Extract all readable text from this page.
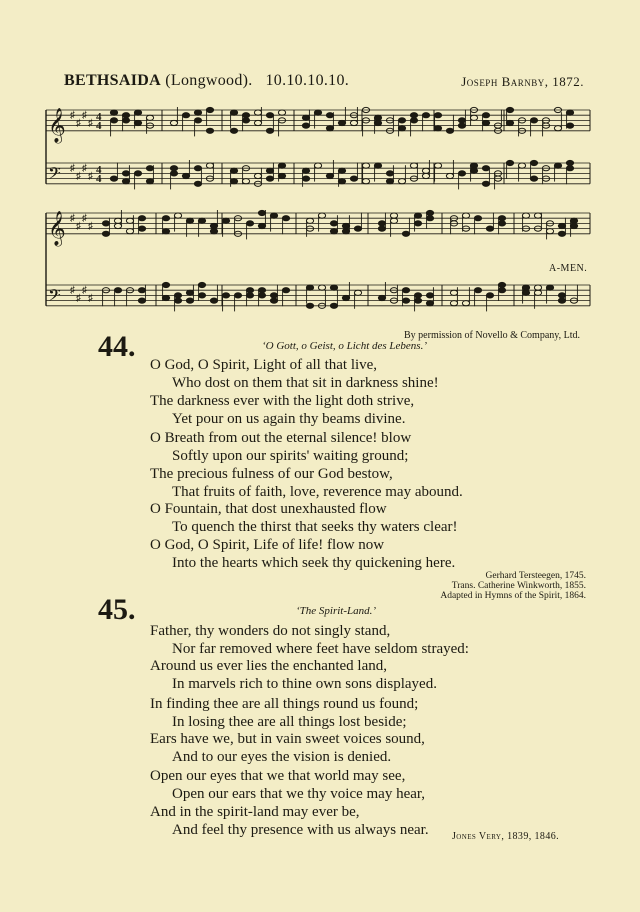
BETHSAIDA (Longwood). 10.10.10.10.	Joseph Barnby, 1872.
𝄞 ♯
♯
♯
♯
𝄢 ♯
♯
♯
♯
𝄞 ♯
♯
♯
♯
𝄢 ♯
♯
♯
♯
4
4
4
4
A-MEN.
By permission of Novello & Company, Ltd.
44.	‘O Gott, o Geist, o Licht des Lebens.’
O God, O Spirit, Light of all that live,
Who dost on them that sit in darkness shine!
The darkness ever with the light doth strive,
Yet pour on us again thy beams divine.
O Breath from out the eternal silence! blow
Softly upon our spirits' waiting ground;
The precious fulness of our God bestow,
That fruits of faith, love, reverence may abound.
O Fountain, that dost unexhausted flow
To quench the thirst that seeks thy waters clear!
O God, O Spirit, Life of life! flow now
Into the hearts which seek thy quickening here.
Gerhard Tersteegen, 1745.
Trans. Catherine Winkworth, 1855.
Adapted in Hymns of the Spirit, 1864.
45.	‘The Spirit-Land.’
Father, thy wonders do not singly stand,
Nor far removed where feet have seldom strayed:
Around us ever lies the enchanted land,
In marvels rich to thine own sons displayed.
In finding thee are all things round us found;
In losing thee are all things lost beside;
Ears have we, but in vain sweet voices sound,
And to our eyes the vision is denied.
Open our eyes that we that world may see,
Open our ears that we thy voice may hear,
And in the spirit-land may ever be,
And feel thy presence with us always near. Jones Very, 1839, 1846.
